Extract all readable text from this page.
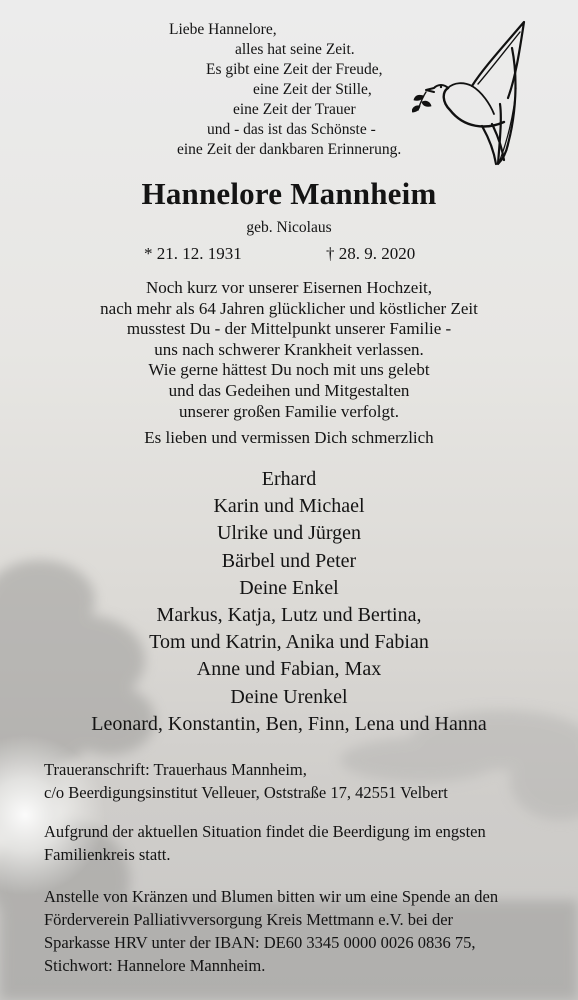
Liebe Hannelore,
alles hat seine Zeit.
Es gibt eine Zeit der Freude,
eine Zeit der Stille,
eine Zeit der Trauer
und - das ist das Schönste -
eine Zeit der dankbaren Erinnerung.
Hannelore Mannheim
geb. Nicolaus
* 21. 12. 1931	† 28. 9. 2020
Noch kurz vor unserer Eisernen Hochzeit,
nach mehr als 64 Jahren glücklicher und köstlicher Zeit
musstest Du - der Mittelpunkt unserer Familie -
uns nach schwerer Krankheit verlassen.
Wie gerne hättest Du noch mit uns gelebt
und das Gedeihen und Mitgestalten
unserer großen Familie verfolgt.
Es lieben und vermissen Dich schmerzlich
Erhard
Karin und Michael
Ulrike und Jürgen
Bärbel und Peter
Deine Enkel
Markus, Katja, Lutz und Bertina,
Tom und Katrin, Anika und Fabian
Anne und Fabian, Max
Deine Urenkel
Leonard, Konstantin, Ben, Finn, Lena und Hanna
Traueranschrift: Trauerhaus Mannheim,
c/o Beerdigungsinstitut Velleuer, Oststraße 17, 42551 Velbert
Aufgrund der aktuellen Situation findet die Beerdigung im engsten
Familienkreis statt.
Anstelle von Kränzen und Blumen bitten wir um eine Spende an den
Förderverein Palliativversorgung Kreis Mettmann e.V. bei der
Sparkasse HRV unter der IBAN: DE60 3345 0000 0026 0836 75,
Stichwort: Hannelore Mannheim.
